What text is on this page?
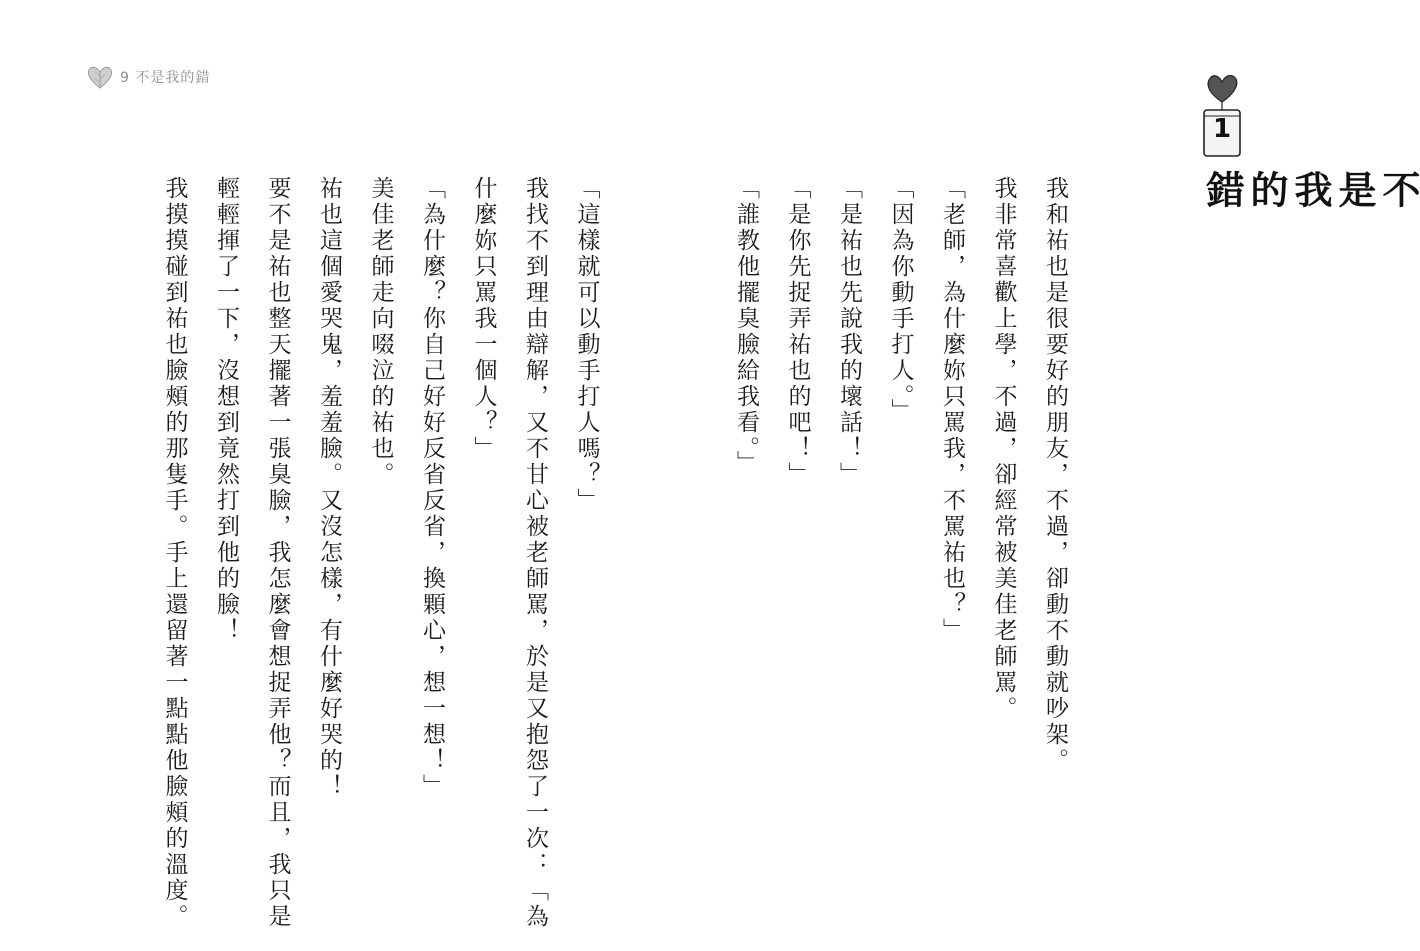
9 不是我的錯
1
不是我的錯
我和祐也是很要好的朋友，不過，卻動不動就吵架。
我非常喜歡上學，不過，卻經常被美佳老師罵。
「老師，為什麼妳只罵我，不罵祐也？」
「因為你動手打人。」
「是祐也先說我的壞話！」
「是你先捉弄祐也的吧！」
「誰教他擺臭臉給我看。」
「這樣就可以動手打人嗎？」
我找不到理由辯解，又不甘心被老師罵，於是又抱怨了一次：「為
什麼妳只罵我一個人？」
「為什麼？你自己好好反省反省，換顆心，想一想！」
美佳老師走向啜泣的祐也。
祐也這個愛哭鬼，羞羞臉。又沒怎樣，有什麼好哭的！
要不是祐也整天擺著一張臭臉，我怎麼會想捉弄他？而且，我只是
輕輕揮了一下，沒想到竟然打到他的臉！
我摸摸碰到祐也臉頰的那隻手。手上還留著一點點他臉頰的溫度。
